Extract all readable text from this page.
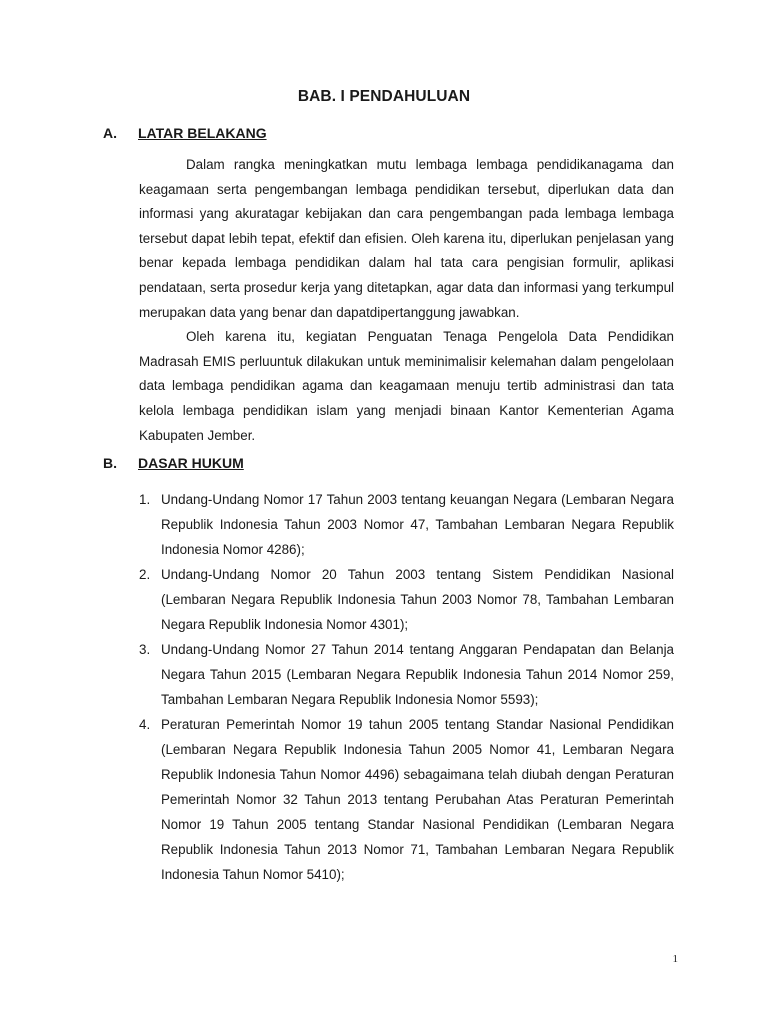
BAB. I PENDAHULUAN
A. LATAR BELAKANG

Dalam rangka meningkatkan mutu lembaga lembaga pendidikanagama dan keagamaan serta pengembangan lembaga pendidikan tersebut, diperlukan data dan informasi yang akuratagar kebijakan dan cara pengembangan pada lembaga lembaga tersebut dapat lebih tepat, efektif dan efisien. Oleh karena itu, diperlukan penjelasan yang benar kepada lembaga pendidikan dalam hal tata cara pengisian formulir, aplikasi pendataan, serta prosedur kerja yang ditetapkan, agar data dan informasi yang terkumpul merupakan data yang benar dan dapatdipertanggung jawabkan.

Oleh karena itu, kegiatan Penguatan Tenaga Pengelola Data Pendidikan Madrasah EMIS perluuntuk dilakukan untuk meminimalisir kelemahan dalam pengelolaan data lembaga pendidikan agama dan keagamaan menuju tertib administrasi dan tata kelola lembaga pendidikan islam yang menjadi binaan Kantor Kementerian Agama Kabupaten Jember.

B. DASAR HUKUM
1. Undang-Undang Nomor 17 Tahun 2003 tentang keuangan Negara (Lembaran Negara Republik Indonesia Tahun 2003 Nomor 47, Tambahan Lembaran Negara Republik Indonesia Nomor 4286);
2. Undang-Undang Nomor 20 Tahun 2003 tentang Sistem Pendidikan Nasional (Lembaran Negara Republik Indonesia Tahun 2003 Nomor 78, Tambahan Lembaran Negara Republik Indonesia Nomor 4301);
3. Undang-Undang Nomor 27 Tahun 2014 tentang Anggaran Pendapatan dan Belanja Negara Tahun 2015 (Lembaran Negara Republik Indonesia Tahun 2014 Nomor 259, Tambahan Lembaran Negara Republik Indonesia Nomor 5593);
4. Peraturan Pemerintah Nomor 19 tahun 2005 tentang Standar Nasional Pendidikan (Lembaran Negara Republik Indonesia Tahun 2005 Nomor 41, Lembaran Negara Republik Indonesia Tahun Nomor 4496) sebagaimana telah diubah dengan Peraturan Pemerintah Nomor 32 Tahun 2013 tentang Perubahan Atas Peraturan Pemerintah Nomor 19 Tahun 2005 tentang Standar Nasional Pendidikan (Lembaran Negara Republik Indonesia Tahun 2013 Nomor 71, Tambahan Lembaran Negara Republik Indonesia Tahun Nomor 5410);
1
